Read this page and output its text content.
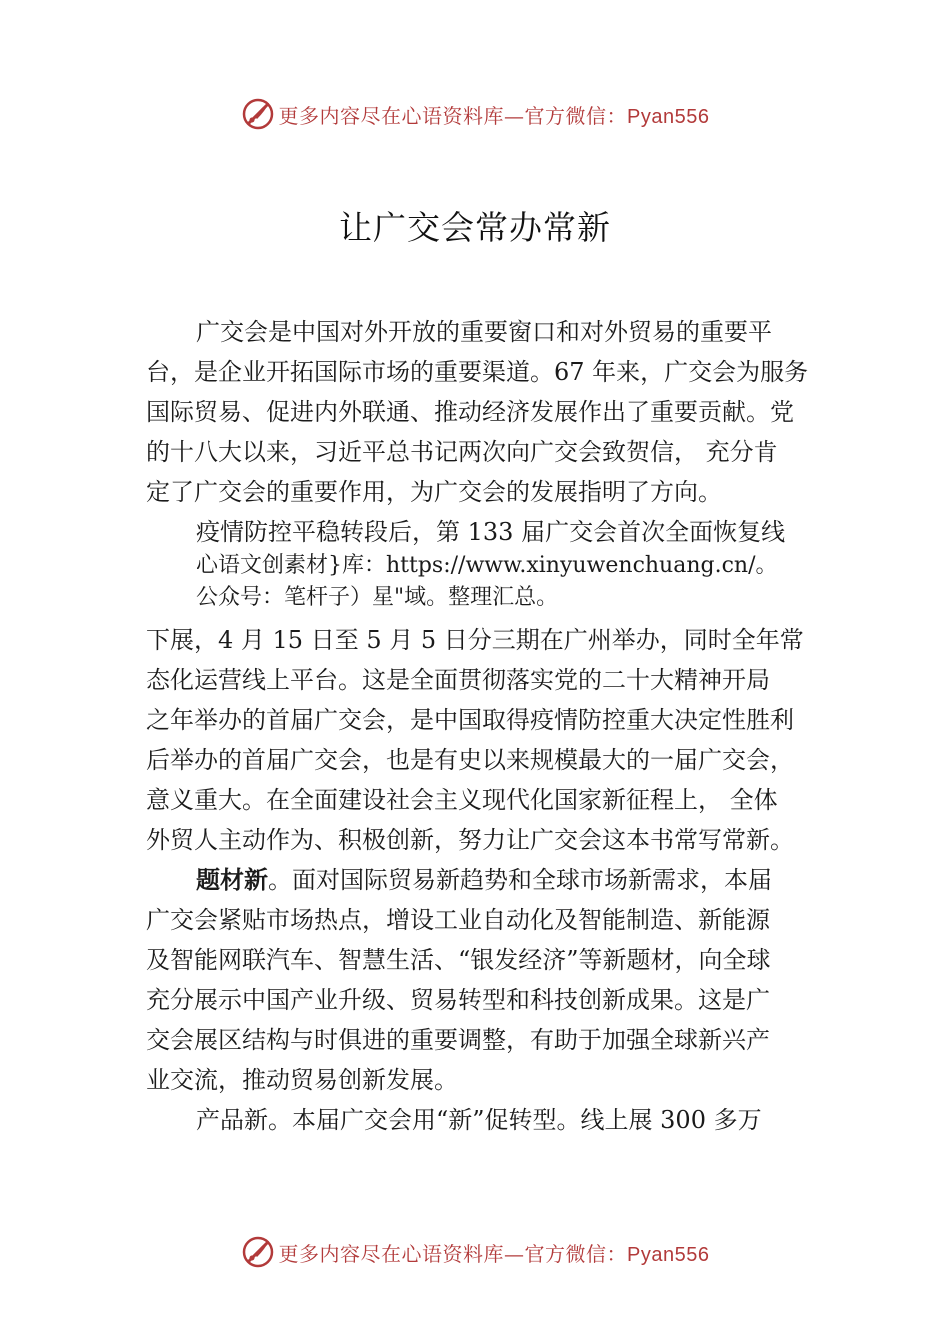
更多内容尽在心语资料库—官方微信：Pyan556
让广交会常办常新
广交会是中国对外开放的重要窗口和对外贸易的重要平
台，是企业开拓国际市场的重要渠道。67 年来，广交会为服务
国际贸易、促进内外联通、推动经济发展作出了重要贡献。党
的十八大以来，习近平总书记两次向广交会致贺信， 充分肯
定了广交会的重要作用，为广交会的发展指明了方向。
疫情防控平稳转段后，第 133 届广交会首次全面恢复线
心语文创素材}库：https://www.xinyuwenchuang.cn/。
公众号：笔杆子）星"域。整理汇总。
下展，4 月 15 日至 5 月 5 日分三期在广州举办，同时全年常
态化运营线上平台。这是全面贯彻落实党的二十大精神开局
之年举办的首届广交会，是中国取得疫情防控重大决定性胜利
后举办的首届广交会，也是有史以来规模最大的一届广交会，
意义重大。在全面建设社会主义现代化国家新征程上， 全体
外贸人主动作为、积极创新，努力让广交会这本书常写常新。
题材新。面对国际贸易新趋势和全球市场新需求，本届
广交会紧贴市场热点，增设工业自动化及智能制造、新能源
及智能网联汽车、智慧生活、“银发经济”等新题材，向全球
充分展示中国产业升级、贸易转型和科技创新成果。这是广
交会展区结构与时俱进的重要调整，有助于加强全球新兴产
业交流，推动贸易创新发展。
产品新。本届广交会用“新”促转型。线上展 300 多万
更多内容尽在心语资料库—官方微信：Pyan556
